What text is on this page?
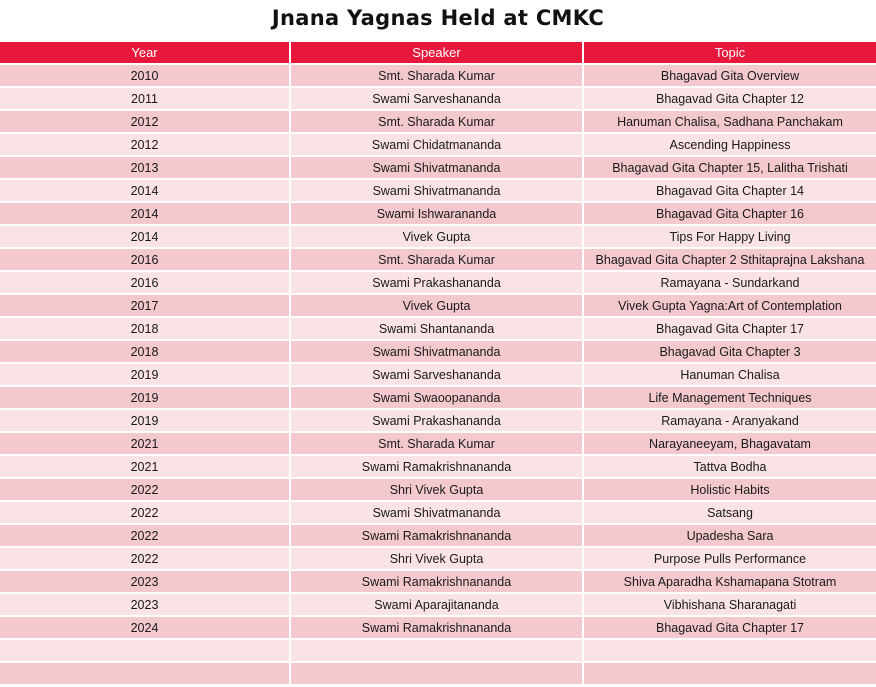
Jnana Yagnas Held at CMKC
Year	Speaker	Topic
2010	Smt. Sharada Kumar	Bhagavad Gita Overview
2011	Swami Sarveshananda	Bhagavad Gita Chapter 12
2012	Smt. Sharada Kumar	Hanuman Chalisa, Sadhana Panchakam
2012	Swami Chidatmananda	Ascending Happiness
2013	Swami Shivatmananda	Bhagavad Gita Chapter 15, Lalitha Trishati
2014	Swami Shivatmananda	Bhagavad Gita Chapter 14
2014	Swami Ishwarananda	Bhagavad Gita Chapter 16
2014	Vivek Gupta	Tips For Happy Living
2016	Smt. Sharada Kumar	Bhagavad Gita Chapter 2 Sthitaprajna Lakshana
2016	Swami Prakashananda	Ramayana - Sundarkand
2017	Vivek Gupta	Vivek Gupta Yagna:Art of Contemplation
2018	Swami Shantananda	Bhagavad Gita Chapter 17
2018	Swami Shivatmananda	Bhagavad Gita Chapter 3
2019	Swami Sarveshananda	Hanuman Chalisa
2019	Swami Swaoopananda	Life Management Techniques
2019	Swami Prakashananda	Ramayana - Aranyakand
2021	Smt. Sharada Kumar	Narayaneeyam, Bhagavatam
2021	Swami Ramakrishnananda	Tattva Bodha
2022	Shri Vivek Gupta	Holistic Habits
2022	Swami Shivatmananda	Satsang
2022	Swami Ramakrishnananda	Upadesha Sara
2022	Shri Vivek Gupta	Purpose Pulls Performance
2023	Swami Ramakrishnananda	Shiva Aparadha Kshamapana Stotram
2023	Swami Aparajitananda	Vibhishana Sharanagati
2024	Swami Ramakrishnananda	Bhagavad Gita Chapter 17
